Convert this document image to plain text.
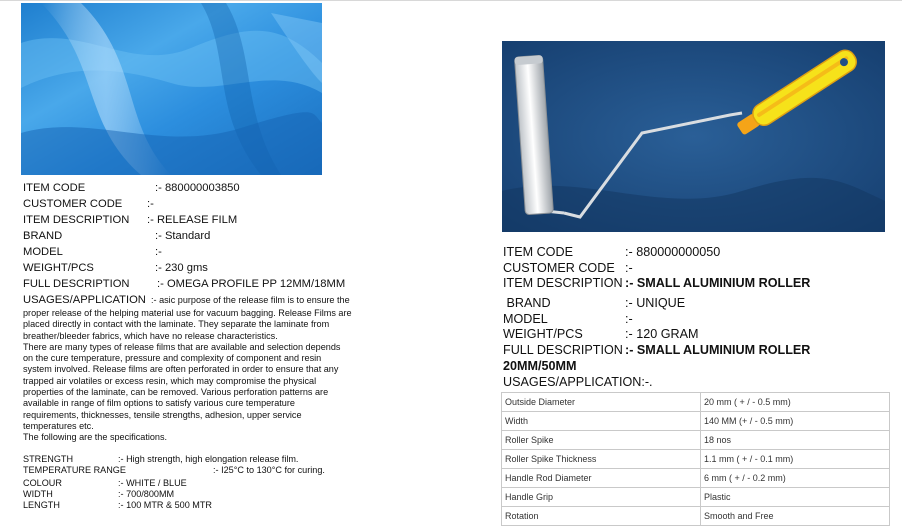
ITEM CODE	:- 880000003850
CUSTOMER CODE :-
ITEM DESCRIPTION :- RELEASE FILM
BRAND	:- Standard
MODEL	:-
WEIGHT/PCS	:- 230 gms
FULL DESCRIPTION :- OMEGA PROFILE PP 12MM/18MM
USAGES/APPLICATION :- asic purpose of the release film is to ensure the

proper release of the helping material use for vacuum bagging. Release Films are

placed directly in contact with the laminate. They separate the laminate from

breather/bleeder fabrics, which have no release characteristics.

There are many types of release films that are available and selection depends

on the cure temperature, pressure and complexity of component and resin

system involved. Release films are often perforated in order to ensure that any

trapped air volatiles or excess resin, which may compromise the physical

properties of the laminate, can be removed. Various perforation patterns are

available in range of film options to satisfy various cure temperature

requirements, thicknesses, tensile strengths, adhesion, upper service

temperatures etc.

The following are the specifications.

STRENGTH	:- High strength, high elongation release film.
TEMPERATURE RANGE	:- I25°C to 130°C for curing.
COLOUR	:- WHITE / BLUE
WIDTH	:- 700/800MM
LENGTH	:- 100 MTR & 500 MTR
ITEM CODE	:- 880000000050
CUSTOMER CODE :-
ITEM DESCRIPTION :- SMALL ALUMINIUM ROLLER
BRAND	:- UNIQUE
MODEL	:-
WEIGHT/PCS	:- 120 GRAM
FULL DESCRIPTION :- SMALL ALUMINIUM ROLLER
20MM/50MM
USAGES/APPLICATION:-.
Outside Diameter	20 mm ( + / - 0.5 mm)
Width	140 MM (+ / - 0.5 mm)
Roller Spike	18 nos
Roller Spike Thickness	1.1 mm ( + / - 0.1 mm)
Handle Rod Diameter	6 mm ( + / - 0.2 mm)
Handle Grip	Plastic
Rotation	Smooth and Free
